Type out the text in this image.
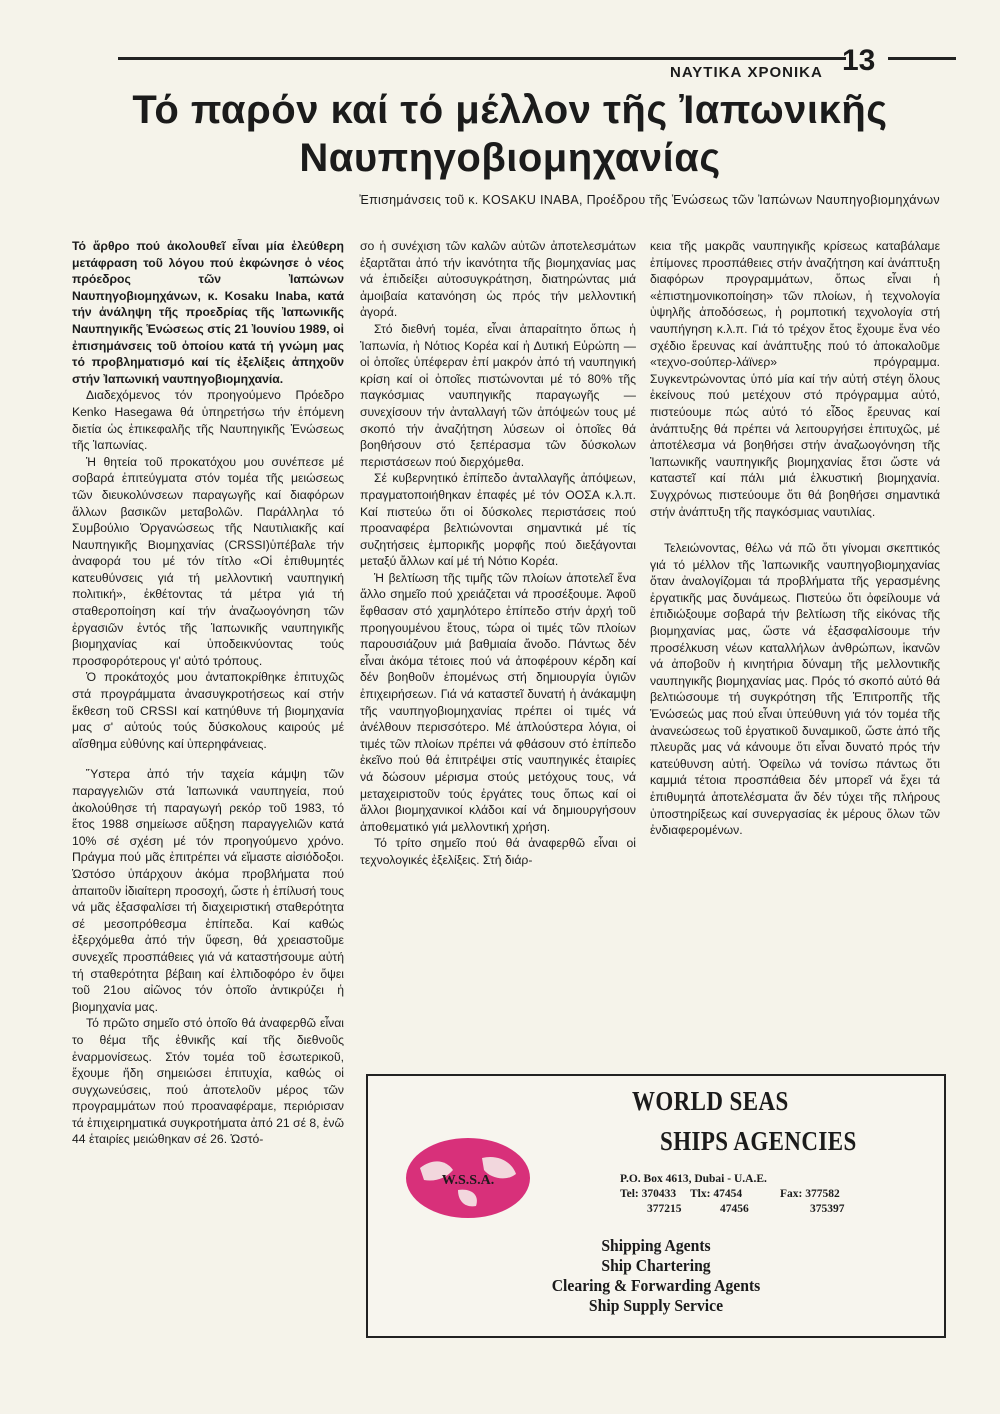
ΝΑΥΤΙΚΑ ΧΡΟΝΙΚΑ 13
Τό παρόν καί τό μέλλον τῆς Ἰαπωνικῆς
Ναυπηγοβιομηχανίας
Ἐπισημάνσεις τοῦ κ. KOSAKU INABA, Προέδρου τῆς Ἑνώσεως τῶν Ἰαπώνων Ναυπηγοβιομηχάνων

Τό ἄρθρο πού ἀκολουθεῖ εἶναι μία ἐλεύθερη μετάφραση τοῦ λόγου πού ἐκφώνησε ὁ νέος πρόεδρος τῶν Ἰαπώνων Ναυπηγοβιομηχάνων, κ. Kosaku Inaba, κατά τήν ἀνάληψη τῆς προεδρίας τῆς Ἰαπωνικῆς Ναυπηγικῆς Ἑνώσεως στίς 21 Ἰουνίου 1989, οἱ ἐπισημάνσεις τοῦ ὁποίου κατά τή γνώμη μας τό προβληματισμό καί τίς ἐξελίξεις ἀπηχοῦν στήν Ἰαπωνική ναυπηγοβιομηχανία.

Διαδεχόμενος τόν προηγούμενο Πρόεδρο Kenko Hasegawa θά ὑπηρετήσω τήν ἑπόμενη διετία ὡς ἐπικεφαλῆς τῆς Ναυπηγικῆς Ἑνώσεως τῆς Ἰαπωνίας.

Ἡ θητεία τοῦ προκατόχου μου συνέπεσε μέ σοβαρά ἐπιτεύγματα στόν τομέα τῆς μειώσεως τῶν διευκολύνσεων παραγωγῆς καί διαφόρων ἄλλων βασικῶν μεταβολῶν. Παράλληλα τό Συμβούλιο Ὀργανώσεως τῆς Ναυτιλιακῆς καί Ναυπηγικῆς Βιομηχανίας (CRSSI)ὑπέβαλε τήν ἀναφορά του μέ τόν τίτλο «Οἱ ἐπιθυμητές κατευθύνσεις γιά τή μελλοντική ναυπηγική πολιτική», ἐκθέτοντας τά μέτρα γιά τή σταθεροποίηση καί τήν ἀναζωογόνηση τῶν ἐργασιῶν ἐντός τῆς Ἰαπωνικῆς ναυπηγικῆς βιομηχανίας καί ὑποδεικνύοντας τούς προσφορότερους γι' αὐτό τρόπους.

Ὁ προκάτοχός μου ἀνταποκρίθηκε ἐπιτυχῶς στά προγράμματα ἀνασυγκροτήσεως καί στήν ἔκθεση τοῦ CRSSI καί κατηύθυνε τή βιομηχανία μας σ' αὐτούς τούς δύσκολους καιρούς μέ αἴσθημα εὐθύνης καί ὑπερηφάνειας.

Ὕστερα ἀπό τήν ταχεία κάμψη τῶν παραγγελιῶν στά Ἰαπωνικά ναυπηγεία, πού ἀκολούθησε τή παραγωγή ρεκόρ τοῦ 1983, τό ἔτος 1988 σημείωσε αὔξηση παραγγελιῶν κατά 10% σέ σχέση μέ τόν προηγούμενο χρόνο. Πράγμα πού μᾶς ἐπιτρέπει νά εἴμαστε αἰσιόδοξοι. Ὡστόσο ὑπάρχουν ἀκόμα προβλήματα πού ἀπαιτοῦν ἰδιαίτερη προσοχή, ὥστε ἡ ἐπίλυσή τους νά μᾶς ἐξασφαλίσει τή διαχειριστική σταθερότητα σέ μεσοπρόθεσμα ἐπίπεδα. Καί καθώς ἐξερχόμεθα ἀπό τήν ὕφεση, θά χρειαστοῦμε συνεχεῖς προσπάθειες γιά νά καταστήσουμε αὐτή τή σταθερότητα βέβαιη καί ἐλπιδοφόρο ἐν ὄψει τοῦ 21ου αἰῶνος τόν ὁποῖο ἀντικρύζει ἡ βιομηχανία μας.

Τό πρῶτο σημεῖο στό ὁποῖο θά ἀναφερθῶ εἶναι το θέμα τῆς ἐθνικῆς καί τῆς διεθνοῦς ἐναρμονίσεως. Στόν τομέα τοῦ ἐσωτερικοῦ, ἔχουμε ἤδη σημειώσει ἐπιτυχία, καθώς οἱ συγχωνεύσεις, πού ἀποτελοῦν μέρος τῶν προγραμμάτων πού προαναφέραμε, περιόρισαν τά ἐπιχειρηματικά συγκροτήματα ἀπό 21 σέ 8, ἐνῶ 44 ἑταιρίες μειώθηκαν σέ 26. Ὡστό-

σο ἡ συνέχιση τῶν καλῶν αὐτῶν ἀποτελεσμάτων ἐξαρτᾶται ἀπό τήν ἱκανότητα τῆς βιομηχανίας μας νά ἐπιδείξει αὐτοσυγκράτηση, διατηρώντας μιά ἀμοιβαία κατανόηση ὡς πρός τήν μελλοντική ἀγορά.

Στό διεθνή τομέα, εἶναι ἀπαραίτητο ὅπως ἡ Ἰαπωνία, ἡ Νότιος Κορέα καί ἡ Δυτική Εὐρώπη — οἱ ὁποῖες ὑπέφεραν ἐπί μακρόν ἀπό τή ναυπηγική κρίση καί οἱ ὁποῖες πιστώνονται μέ τό 80% τῆς παγκόσμιας ναυπηγικῆς παραγωγῆς — συνεχίσουν τήν ἀνταλλαγή τῶν ἀπόψεών τους μέ σκοπό τήν ἀναζήτηση λύσεων οἱ ὁποῖες θά βοηθήσουν στό ξεπέρασμα τῶν δύσκολων περιστάσεων πού διερχόμεθα.

Σέ κυβερνητικό ἐπίπεδο ἀνταλλαγῆς ἀπόψεων, πραγματοποιήθηκαν ἐπαφές μέ τόν ΟΟΣΑ κ.λ.π. Καί πιστεύω ὅτι οἱ δύσκολες περιστάσεις πού προαναφέρα βελτιώνονται σημαντικά μέ τίς συζητήσεις ἐμπορικῆς μορφῆς πού διεξάγονται μεταξύ ἄλλων καί μέ τή Νότιο Κορέα.

Ἡ βελτίωση τῆς τιμῆς τῶν πλοίων ἀποτελεῖ ἕνα ἄλλο σημεῖο πού χρειάζεται νά προσέξουμε. Ἀφοῦ ἔφθασαν στό χαμηλότερο ἐπίπεδο στήν ἀρχή τοῦ προηγουμένου ἔτους, τώρα οἱ τιμές τῶν πλοίων παρουσιάζουν μιά βαθμιαία ἄνοδο. Πάντως δέν εἶναι ἀκόμα τέτοιες πού νά ἀποφέρουν κέρδη καί δέν βοηθοῦν ἑπομένως στή δημιουργία ὑγιῶν ἐπιχειρήσεων. Γιά νά καταστεῖ δυνατή ἡ ἀνάκαμψη τῆς ναυπηγοβιομηχανίας πρέπει οἱ τιμές νά ἀνέλθουν περισσότερο. Μέ ἁπλούστερα λόγια, οἱ τιμές τῶν πλοίων πρέπει νά φθάσουν στό ἐπίπεδο ἐκεῖνο πού θά ἐπιτρέψει στίς ναυπηγικές ἑταιρίες νά δώσουν μέρισμα στούς μετόχους τους, νά μεταχειριστοῦν τούς ἐργάτες τους ὅπως καί οἱ ἄλλοι βιομηχανικοί κλάδοι καί νά δημιουργήσουν ἀποθεματικό γιά μελλοντική χρήση.

Τό τρίτο σημεῖο πού θά ἀναφερθῶ εἶναι οἱ τεχνολογικές ἐξελίξεις. Στή διάρ-

κεια τῆς μακρᾶς ναυπηγικῆς κρίσεως καταβάλαμε ἐπίμονες προσπάθειες στήν ἀναζήτηση καί ἀνάπτυξη διαφόρων προγραμμάτων, ὅπως εἶναι ἡ «ἐπιστημονικοποίηση» τῶν πλοίων, ἡ τεχνολογία ὑψηλῆς ἀποδόσεως, ἡ ρομποτική τεχνολογία στή ναυπήγηση κ.λ.π. Γιά τό τρέχον ἔτος ἔχουμε ἕνα νέο σχέδιο ἔρευνας καί ἀνάπτυξης πού τό ἀποκαλοῦμε «τεχνο-σούπερ-λάϊνερ» πρόγραμμα. Συγκεντρώνοντας ὑπό μία καί τήν αὐτή στέγη ὅλους ἐκείνους πού μετέχουν στό πρόγραμμα αὐτό, πιστεύουμε πώς αὐτό τό εἶδος ἔρευνας καί ἀνάπτυξης θά πρέπει νά λειτουργήσει ἐπιτυχῶς, μέ ἀποτέλεσμα νά βοηθήσει στήν ἀναζωογόνηση τῆς Ἰαπωνικῆς ναυπηγικῆς βιομηχανίας ἔτσι ὥστε νά καταστεῖ καί πάλι μιά ἑλκυστική βιομηχανία. Συγχρόνως πιστεύουμε ὅτι θά βοηθήσει σημαντικά στήν ἀνάπτυξη τῆς παγκόσμιας ναυτιλίας.

Τελειώνοντας, θέλω νά πῶ ὅτι γίνομαι σκεπτικός γιά τό μέλλον τῆς Ἰαπωνικῆς ναυπηγοβιομηχανίας ὅταν ἀναλογίζομαι τά προβλήματα τῆς γερασμένης ἐργατικῆς μας δυνάμεως. Πιστεύω ὅτι ὀφείλουμε νά ἐπιδιώξουμε σοβαρά τήν βελτίωση τῆς εἰκόνας τῆς βιομηχανίας μας, ὥστε νά ἐξασφαλίσουμε τήν προσέλκυση νέων καταλλήλων ἀνθρώπων, ἱκανῶν νά ἀποβοῦν ἡ κινητήρια δύναμη τῆς μελλοντικῆς ναυπηγικῆς βιομηχανίας μας. Πρός τό σκοπό αὐτό θά βελτιώσουμε τή συγκρότηση τῆς Ἐπιτροπῆς τῆς Ἑνώσεώς μας πού εἶναι ὑπεύθυνη γιά τόν τομέα τῆς ἀνανεώσεως τοῦ ἐργατικοῦ δυναμικοῦ, ὥστε ἀπό τῆς πλευρᾶς μας νά κάνουμε ὅτι εἶναι δυνατό πρός τήν κατεύθυνση αὐτή. Ὀφείλω νά τονίσω πάντως ὅτι καμμιά τέτοια προσπάθεια δέν μπορεῖ νά ἔχει τά ἐπιθυμητά ἀποτελέσματα ἄν δέν τύχει τῆς πλήρους ὑποστηρίξεως καί συνεργασίας ἐκ μέρους ὅλων τῶν ἐνδιαφερομένων.

WORLD SEAS
SHIPS AGENCIES
W.S.S.A.	P.O. Box 4613, Dubai - U.A.E.
Tel: 370433	Tlx: 47454	Fax: 377582
377215	47456	375397
Shipping Agents
Ship Chartering
Clearing & Forwarding Agents
Ship Supply Service
